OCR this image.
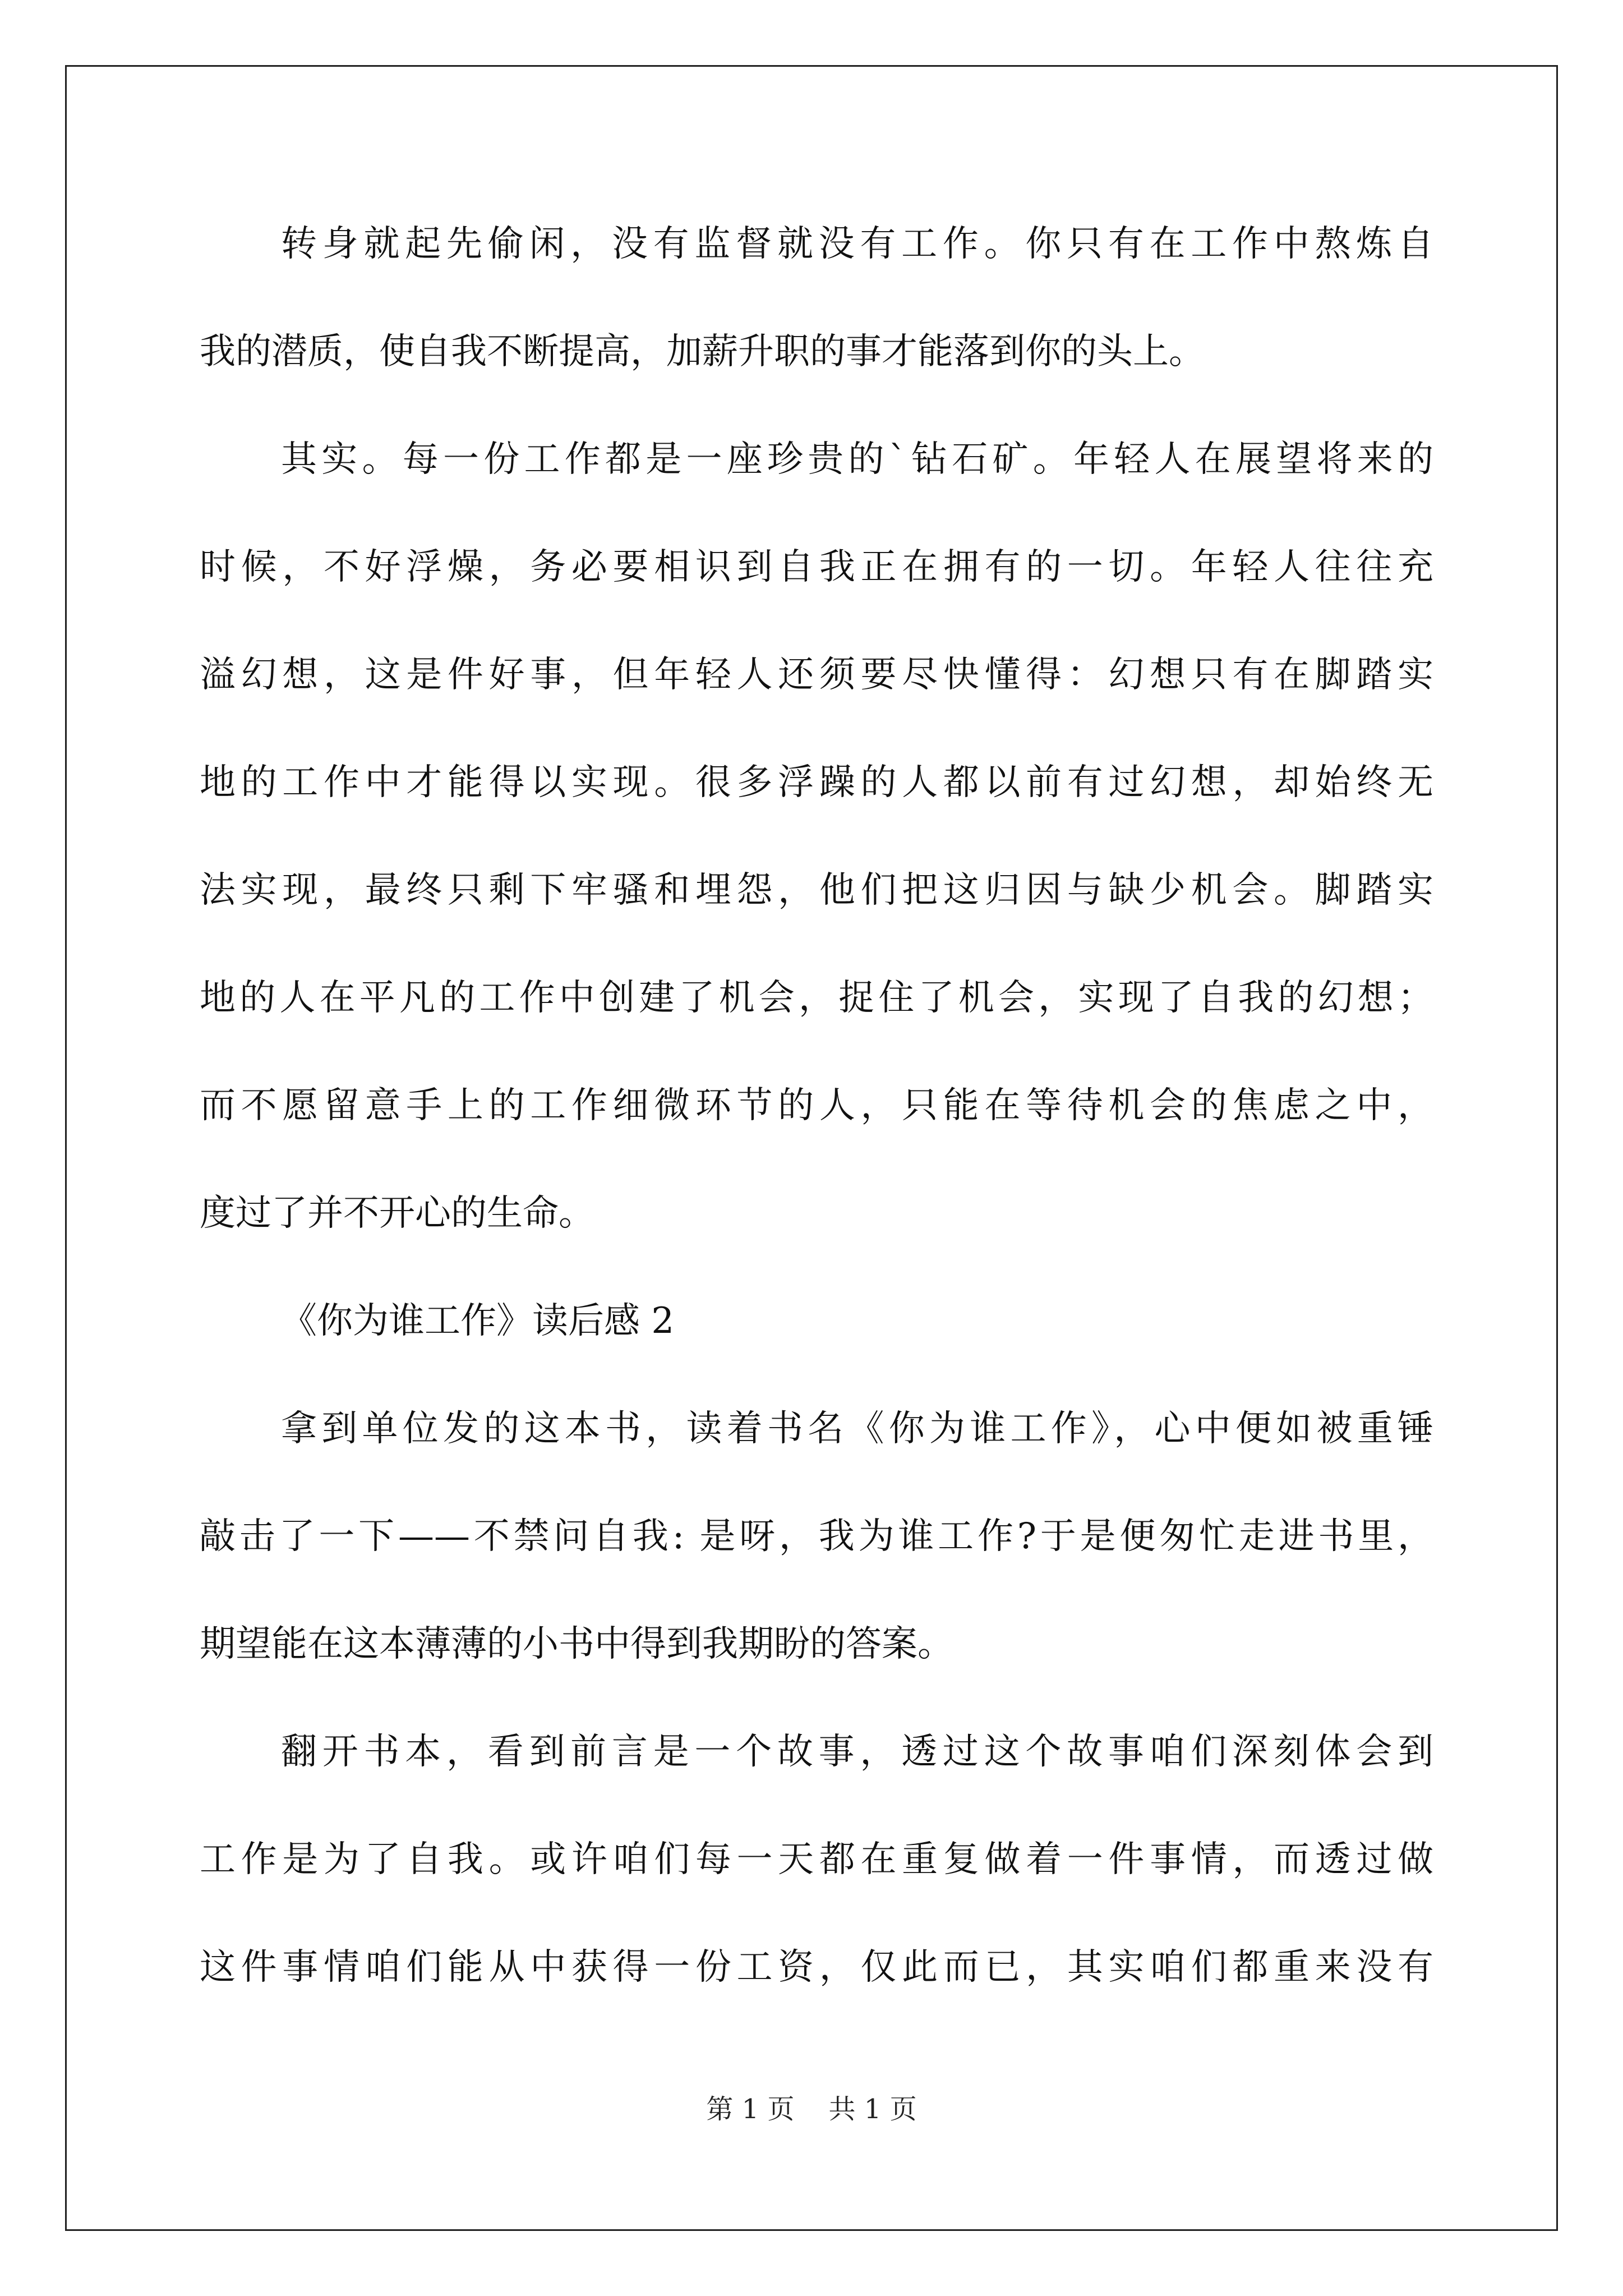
转身就起先偷闲，没有监督就没有工作。你只有在工作中熬炼自
我的潜质，使自我不断提高，加薪升职的事才能落到你的头上。
其实。每一份工作都是一座珍贵的`钻石矿。年轻人在展望将来的
时候，不好浮燥，务必要相识到自我正在拥有的一切。年轻人往往充
溢幻想，这是件好事，但年轻人还须要尽快懂得：幻想只有在脚踏实
地的工作中才能得以实现。很多浮躁的人都以前有过幻想，却始终无
法实现，最终只剩下牢骚和埋怨，他们把这归因与缺少机会。脚踏实
地的人在平凡的工作中创建了机会，捉住了机会，实现了自我的幻想；
而不愿留意手上的工作细微环节的人，只能在等待机会的焦虑之中，
度过了并不开心的生命。
《你为谁工作》读后感 2
拿到单位发的这本书，读着书名《你为谁工作》，心中便如被重锤
敲击了一下——不禁问自我: 是呀，我为谁工作?于是便匆忙走进书里，
期望能在这本薄薄的小书中得到我期盼的答案。
翻开书本，看到前言是一个故事，透过这个故事咱们深刻体会到
工作是为了自我。或许咱们每一天都在重复做着一件事情，而透过做
这件事情咱们能从中获得一份工资，仅此而已，其实咱们都重来没有
第 1 页    共 1 页
